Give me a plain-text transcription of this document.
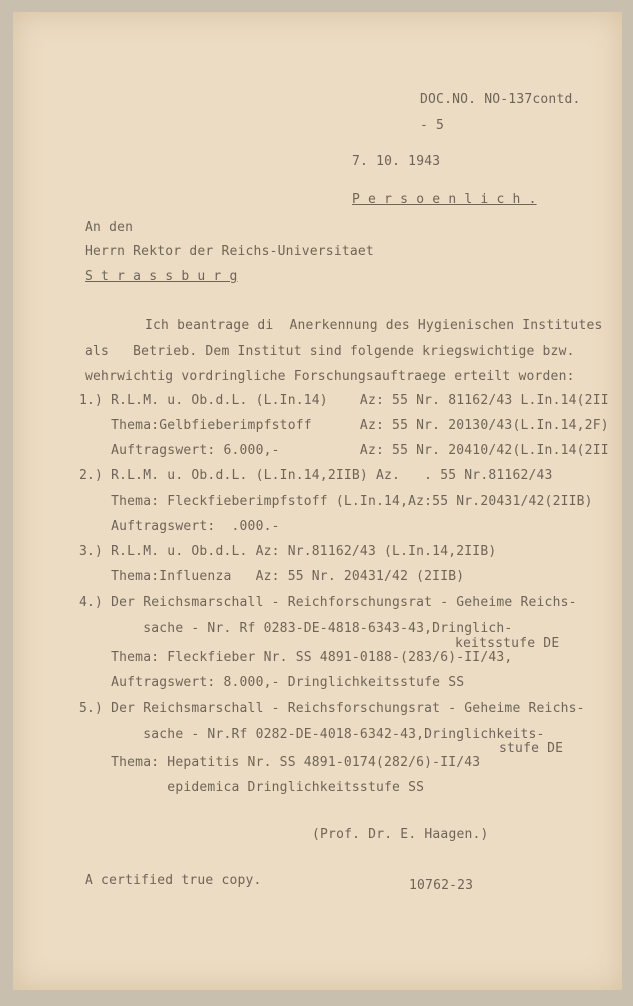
DOC.NO. NO-137contd.
- 5
7. 10. 1943
P e r s o e n l i c h .
An den
Herrn Rektor der Reichs-Universitaet
S t r a s s b u r g
Ich beantrage di  Anerkennung des Hygienischen Institutes
als   Betrieb. Dem Institut sind folgende kriegswichtige bzw.
wehrwichtig vordringliche Forschungsauftraege erteilt worden:
1.) R.L.M. u. Ob.d.L. (L.In.14)    Az: 55 Nr. 81162/43 L.In.14(2II
Thema:Gelbfieberimpfstoff      Az: 55 Nr. 20130/43(L.In.14,2F)
Auftragswert: 6.000,-          Az: 55 Nr. 20410/42(L.In.14(2II
2.) R.L.M. u. Ob.d.L. (L.In.14,2IIB) Az.   . 55 Nr.81162/43
Thema: Fleckfieberimpfstoff (L.In.14,Az:55 Nr.20431/42(2IIB)
Auftragswert:  .000.-
3.) R.L.M. u. Ob.d.L. Az: Nr.81162/43 (L.In.14,2IIB)
Thema:Influenza   Az: 55 Nr. 20431/42 (2IIB)
4.) Der Reichsmarschall - Reichforschungsrat - Geheime Reichs-
sache - Nr. Rf 0283-DE-4818-6343-43,Dringlich-
keitsstufe DE
Thema: Fleckfieber Nr. SS 4891-0188-(283/6)-II/43,
Auftragswert: 8.000,- Dringlichkeitsstufe SS
5.) Der Reichsmarschall - Reichsforschungsrat - Geheime Reichs-
sache - Nr.Rf 0282-DE-4018-6342-43,Dringlichkeits-
stufe DE
Thema: Hepatitis Nr. SS 4891-0174(282/6)-II/43
epidemica Dringlichkeitsstufe SS
(Prof. Dr. E. Haagen.)
A certified true copy.	10762-23
